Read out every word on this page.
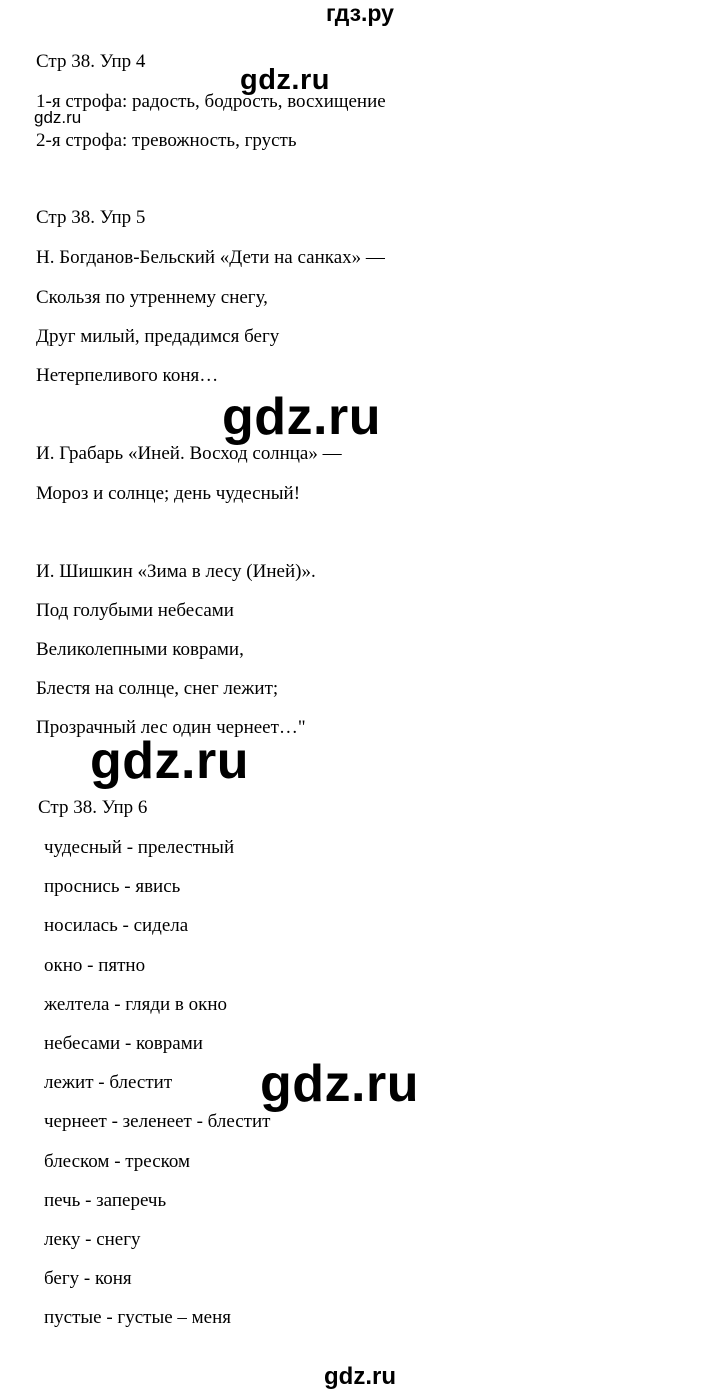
гдз.ру
Стр 38. Упр 4
1-я строфа: радость, бодрость, восхищение
2-я строфа: тревожность, грусть
Стр 38. Упр 5
Н. Богданов-Бельский «Дети на санках» —
Скользя по утреннему снегу,
Друг милый, предадимся бегу
Нетерпеливого коня…
И. Грабарь «Иней. Восход солнца» —
Мороз и солнце; день чудесный!
И. Шишкин «Зима в лесу (Иней)».
Под голубыми небесами
Великолепными коврами,
Блестя на солнце, снег лежит;
Прозрачный лес один чернеет…"
Стр 38. Упр 6
чудесный - прелестный
проснись - явись
носилась - сидела
окно - пятно
желтела - гляди в окно
небесами - коврами
лежит - блестит
чернеет - зеленеет - блестит
блеском - треском
печь - заперечь
леку - снегу
бегу - коня
пустые - густые – меня
gdz.ru
gdz.ru
gdz.ru
gdz.ru
gdz.ru
gdz.ru
